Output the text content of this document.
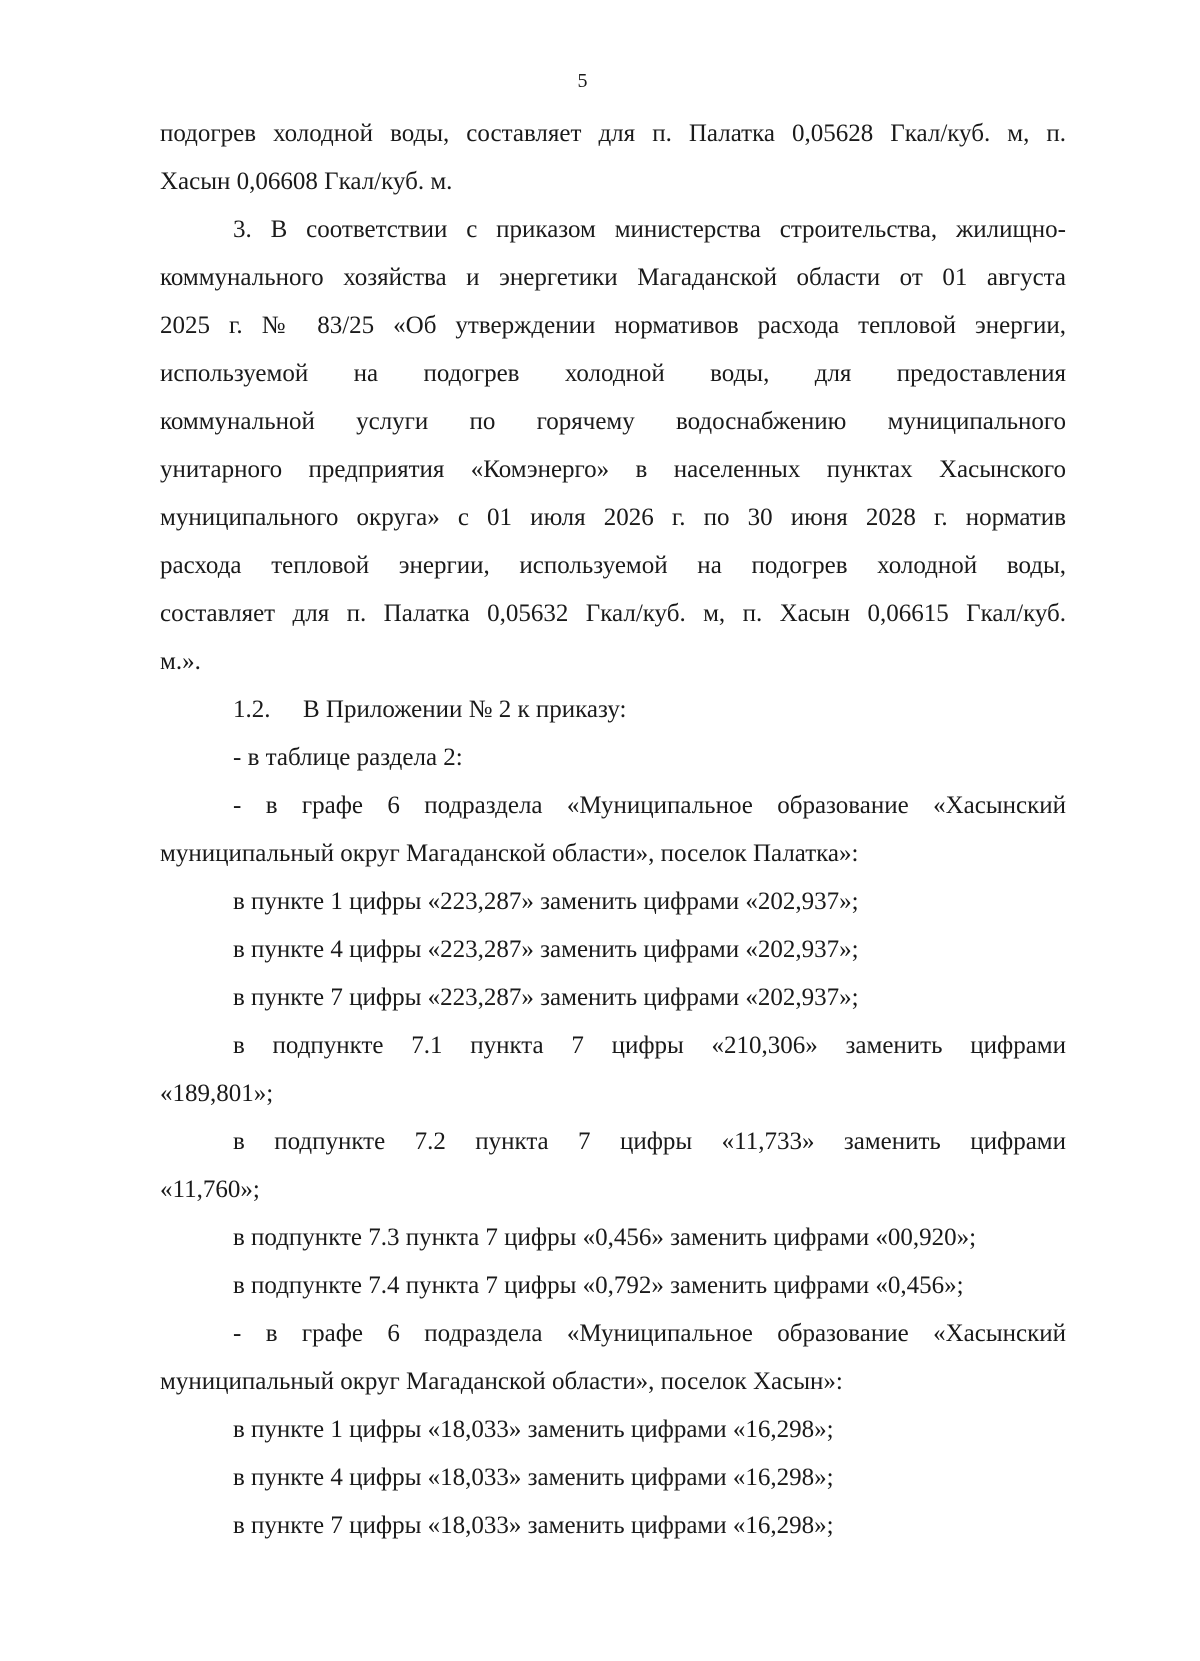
5
подогрев холодной воды, составляет для п. Палатка 0,05628 Гкал/куб. м, п.
Хасын 0,06608 Гкал/куб. м.
3. В соответствии с приказом министерства строительства, жилищно-
коммунального хозяйства и энергетики Магаданской области от 01 августа
2025 г. № 83/25 «Об утверждении нормативов расхода тепловой энергии,
используемой на подогрев холодной воды, для предоставления
коммунальной услуги по горячему водоснабжению муниципального
унитарного предприятия «Комэнерго» в населенных пунктах Хасынского
муниципального округа» с 01 июля 2026 г. по 30 июня 2028 г. норматив
расхода тепловой энергии, используемой на подогрев холодной воды,
составляет для п. Палатка 0,05632 Гкал/куб. м, п. Хасын 0,06615 Гкал/куб.
м.».
1.2. В Приложении № 2 к приказу:
- в таблице раздела 2:
- в графе 6 подраздела «Муниципальное образование «Хасынский
муниципальный округ Магаданской области», поселок Палатка»:
в пункте 1 цифры «223,287» заменить цифрами «202,937»;
в пункте 4 цифры «223,287» заменить цифрами «202,937»;
в пункте 7 цифры «223,287» заменить цифрами «202,937»;
в подпункте 7.1 пункта 7 цифры «210,306» заменить цифрами
«189,801»;
в подпункте 7.2 пункта 7 цифры «11,733» заменить цифрами
«11,760»;
в подпункте 7.3 пункта 7 цифры «0,456» заменить цифрами «00,920»;
в подпункте 7.4 пункта 7 цифры «0,792» заменить цифрами «0,456»;
- в графе 6 подраздела «Муниципальное образование «Хасынский
муниципальный округ Магаданской области», поселок Хасын»:
в пункте 1 цифры «18,033» заменить цифрами «16,298»;
в пункте 4 цифры «18,033» заменить цифрами «16,298»;
в пункте 7 цифры «18,033» заменить цифрами «16,298»;
